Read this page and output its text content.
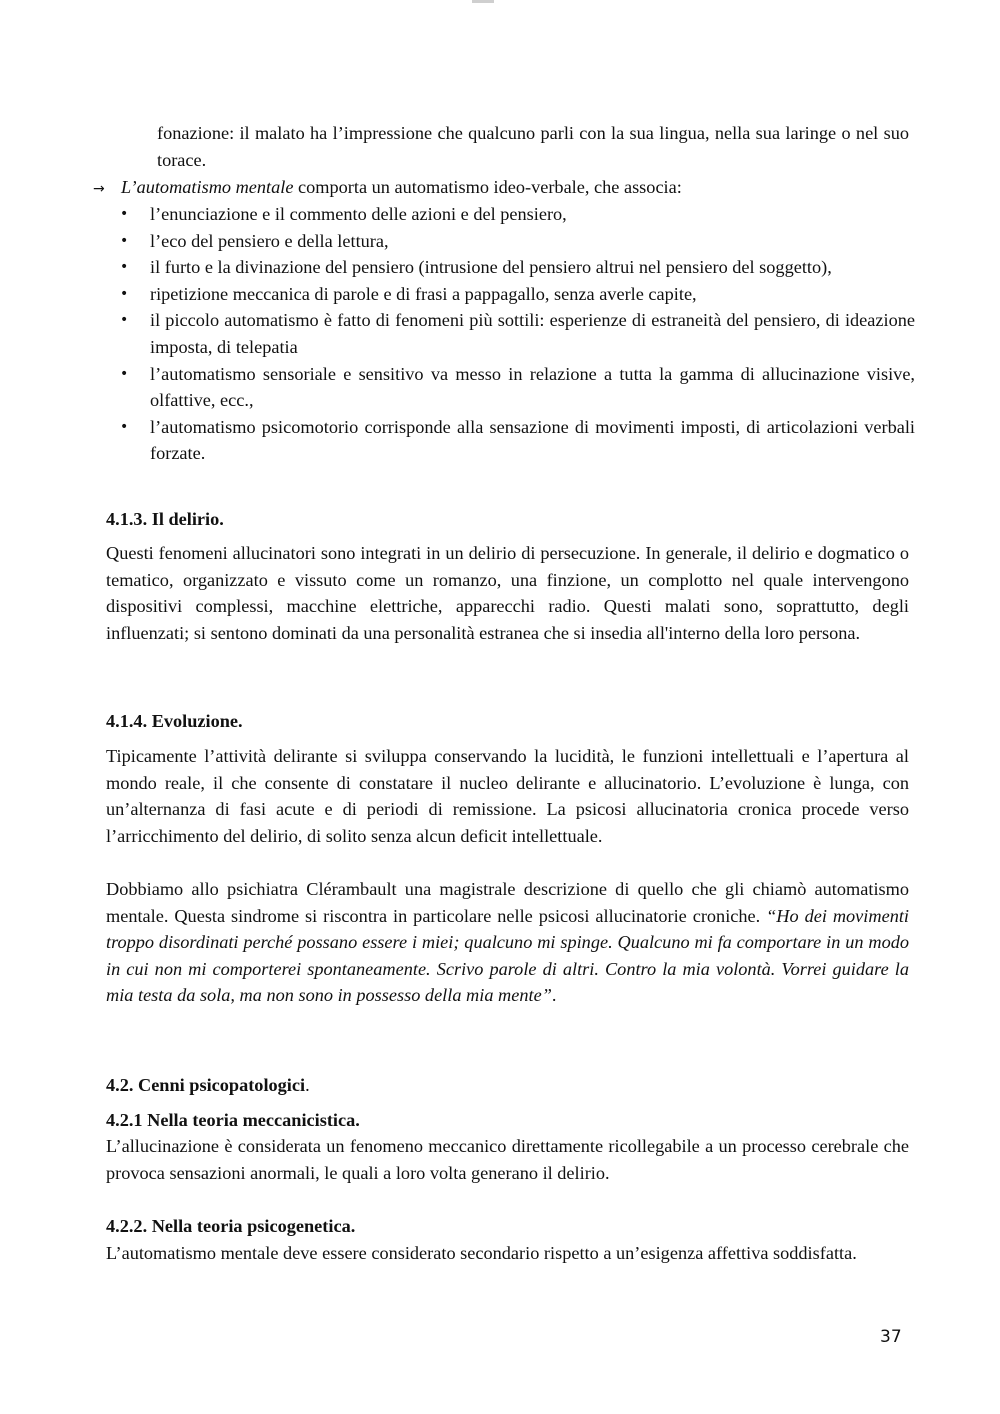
fonazione: il malato ha l’impressione che qualcuno parli con la sua lingua, nella sua laringe o nel suo torace.
→ L’automatismo mentale comporta un automatismo ideo-verbale, che associa:
• l’enunciazione e il commento delle azioni e del pensiero,
• l’eco del pensiero e della lettura,
• il furto e la divinazione del pensiero (intrusione del pensiero altrui nel pensiero del soggetto),
• ripetizione meccanica di parole e di frasi a pappagallo, senza averle capite,
• il piccolo automatismo è fatto di fenomeni più sottili: esperienze di estraneità del pensiero, di ideazione imposta, di telepatia
• l’automatismo sensoriale e sensitivo va messo in relazione a tutta la gamma di allucinazione visive, olfattive, ecc.,
• l’automatismo psicomotorio corrisponde alla sensazione di movimenti imposti, di articolazioni verbali forzate.
4.1.3. Il delirio.
Questi fenomeni allucinatori sono integrati in un delirio di persecuzione. In generale, il delirio e dogmatico o tematico, organizzato e vissuto come un romanzo, una finzione, un complotto nel quale intervengono dispositivi complessi, macchine elettriche, apparecchi radio. Questi malati sono, soprattutto, degli influenzati; si sentono dominati da una personalità estranea che si insedia all'interno della loro persona.
4.1.4. Evoluzione.
Tipicamente l’attività delirante si sviluppa conservando la lucidità, le funzioni intellettuali e l’apertura al mondo reale, il che consente di constatare il nucleo delirante e allucinatorio. L’evoluzione è lunga, con un’alternanza di fasi acute e di periodi di remissione. La psicosi allucinatoria cronica procede verso l’arricchimento del delirio, di solito senza alcun deficit intellettuale.
Dobbiamo allo psichiatra Clérambault una magistrale descrizione di quello che gli chiamò automatismo mentale. Questa sindrome si riscontra in particolare nelle psicosi allucinatorie croniche. “Ho dei movimenti troppo disordinati perché possano essere i miei; qualcuno mi spinge. Qualcuno mi fa comportare in un modo in cui non mi comporterei spontaneamente. Scrivo parole di altri. Contro la mia volontà. Vorrei guidare la mia testa da sola, ma non sono in possesso della mia mente”.
4.2. Cenni psicopatologici.
4.2.1 Nella teoria meccanicistica.
L’allucinazione è considerata un fenomeno meccanico direttamente ricollegabile a un processo cerebrale che provoca sensazioni anormali, le quali a loro volta generano il delirio.
4.2.2. Nella teoria psicogenetica.
L’automatismo mentale deve essere considerato secondario rispetto a un’esigenza affettiva soddisfatta.
37
